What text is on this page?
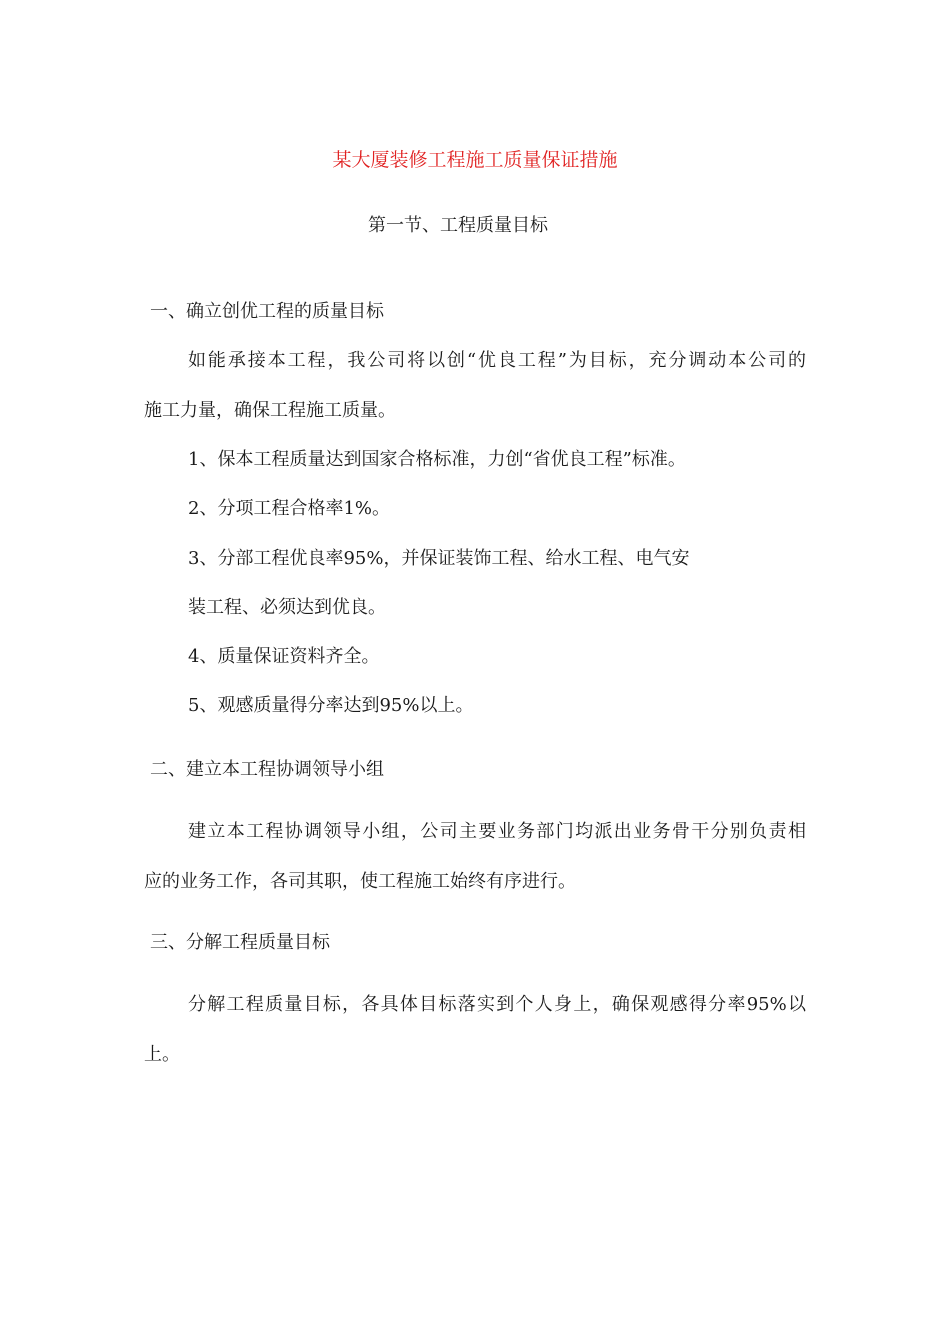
某大厦装修工程施工质量保证措施
第一节、工程质量目标
一、确立创优工程的质量目标
如能承接本工程，我公司将以创“优良工程”为目标，充分调动本公司的
施工力量，确保工程施工质量。
1、保本工程质量达到国家合格标准，力创“省优良工程”标准。
2、分项工程合格率1%。
3、分部工程优良率95%，并保证装饰工程、给水工程、电气安
装工程、必须达到优良。
4、质量保证资料齐全。
5、观感质量得分率达到95%以上。
二、建立本工程协调领导小组
建立本工程协调领导小组，公司主要业务部门均派出业务骨干分别负责相
应的业务工作，各司其职，使工程施工始终有序进行。
三、分解工程质量目标
分解工程质量目标，各具体目标落实到个人身上，确保观感得分率95%以
上。
